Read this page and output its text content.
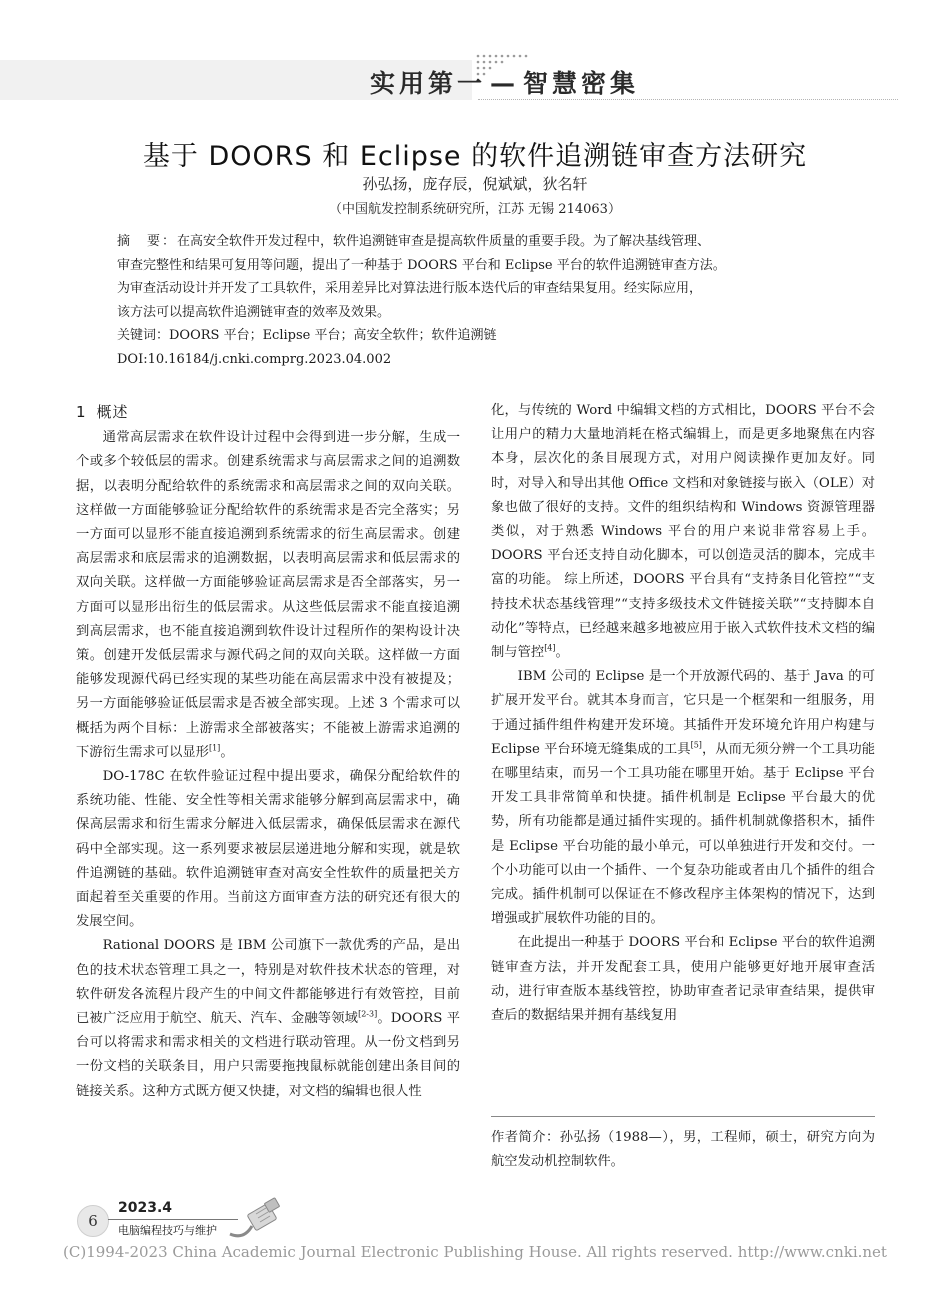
实用第一 — 智慧密集
基于 DOORS 和 Eclipse 的软件追溯链审查方法研究
孙弘扬，庞存辰，倪斌斌，狄名轩
（中国航发控制系统研究所，江苏 无锡 214063）

摘　要：在高安全软件开发过程中，软件追溯链审查是提高软件质量的重要手段。为了解决基线管理、

审查完整性和结果可复用等问题，提出了一种基于 DOORS 平台和 Eclipse 平台的软件追溯链审查方法。

为审查活动设计并开发了工具软件，采用差异比对算法进行版本迭代后的审查结果复用。经实际应用，

该方法可以提高软件追溯链审查的效率及效果。

关键词：DOORS 平台；Eclipse 平台；高安全软件；软件追溯链

DOI:10.16184/j.cnki.comprg.2023.04.002

1 概述

通常高层需求在软件设计过程中会得到进一步分解，生成一个或多个较低层的需求。创建系统需求与高层需求之间的追溯数据，以表明分配给软件的系统需求和高层需求之间的双向关联。这样做一方面能够验证分配给软件的系统需求是否完全落实；另一方面可以显形不能直接追溯到系统需求的衍生高层需求。创建高层需求和底层需求的追溯数据，以表明高层需求和低层需求的双向关联。这样做一方面能够验证高层需求是否全部落实，另一方面可以显形出衍生的低层需求。从这些低层需求不能直接追溯到高层需求，也不能直接追溯到软件设计过程所作的架构设计决策。创建开发低层需求与源代码之间的双向关联。这样做一方面能够发现源代码已经实现的某些功能在高层需求中没有被提及；另一方面能够验证低层需求是否被全部实现。上述 3 个需求可以概括为两个目标：上游需求全部被落实；不能被上游需求追溯的下游衍生需求可以显形[1]。

DO-178C 在软件验证过程中提出要求，确保分配给软件的系统功能、性能、安全性等相关需求能够分解到高层需求中，确保高层需求和衍生需求分解进入低层需求，确保低层需求在源代码中全部实现。这一系列要求被层层递进地分解和实现，就是软件追溯链的基础。软件追溯链审查对高安全性软件的质量把关方面起着至关重要的作用。当前这方面审查方法的研究还有很大的发展空间。

Rational DOORS 是 IBM 公司旗下一款优秀的产品，是出色的技术状态管理工具之一，特别是对软件技术状态的管理，对软件研发各流程片段产生的中间文件都能够进行有效管控，目前已被广泛应用于航空、航天、汽车、金融等领域[2-3]。DOORS 平台可以将需求和需求相关的文档进行联动管理。从一份文档到另一份文档的关联条目，用户只需要拖拽鼠标就能创建出条目间的链接关系。这种方式既方便又快捷，对文档的编辑也很人性

化，与传统的 Word 中编辑文档的方式相比，DOORS 平台不会让用户的精力大量地消耗在格式编辑上，而是更多地聚焦在内容本身，层次化的条目展现方式，对用户阅读操作更加友好。同时，对导入和导出其他 Office 文档和对象链接与嵌入（OLE）对象也做了很好的支持。文件的组织结构和 Windows 资源管理器类似，对于熟悉 Windows 平台的用户来说非常容易上手。DOORS 平台还支持自动化脚本，可以创造灵活的脚本，完成丰富的功能。 综上所述，DOORS 平台具有“支持条目化管控”“支持技术状态基线管理”“支持多级技术文件链接关联”“支持脚本自动化”等特点，已经越来越多地被应用于嵌入式软件技术文档的编制与管控[4]。

IBM 公司的 Eclipse 是一个开放源代码的、基于 Java 的可扩展开发平台。就其本身而言，它只是一个框架和一组服务，用于通过插件组件构建开发环境。其插件开发环境允许用户构建与 Eclipse 平台环境无缝集成的工具[5]，从而无须分辨一个工具功能在哪里结束，而另一个工具功能在哪里开始。基于 Eclipse 平台开发工具非常简单和快捷。插件机制是 Eclipse 平台最大的优势，所有功能都是通过插件实现的。插件机制就像搭积木，插件是 Eclipse 平台功能的最小单元，可以单独进行开发和交付。一个小功能可以由一个插件、一个复杂功能或者由几个插件的组合完成。插件机制可以保证在不修改程序主体架构的情况下，达到增强或扩展软件功能的目的。

在此提出一种基于 DOORS 平台和 Eclipse 平台的软件追溯链审查方法，并开发配套工具，使用户能够更好地开展审查活动，进行审查版本基线管控，协助审查者记录审查结果，提供审查后的数据结果并拥有基线复用

作者简介：孙弘扬（1988—），男，工程师，硕士，研究方向为航空发动机控制软件。

6
2023.4
电脑编程技巧与维护
(C)1994-2023 China Academic Journal Electronic Publishing House. All rights reserved. http://www.cnki.net
